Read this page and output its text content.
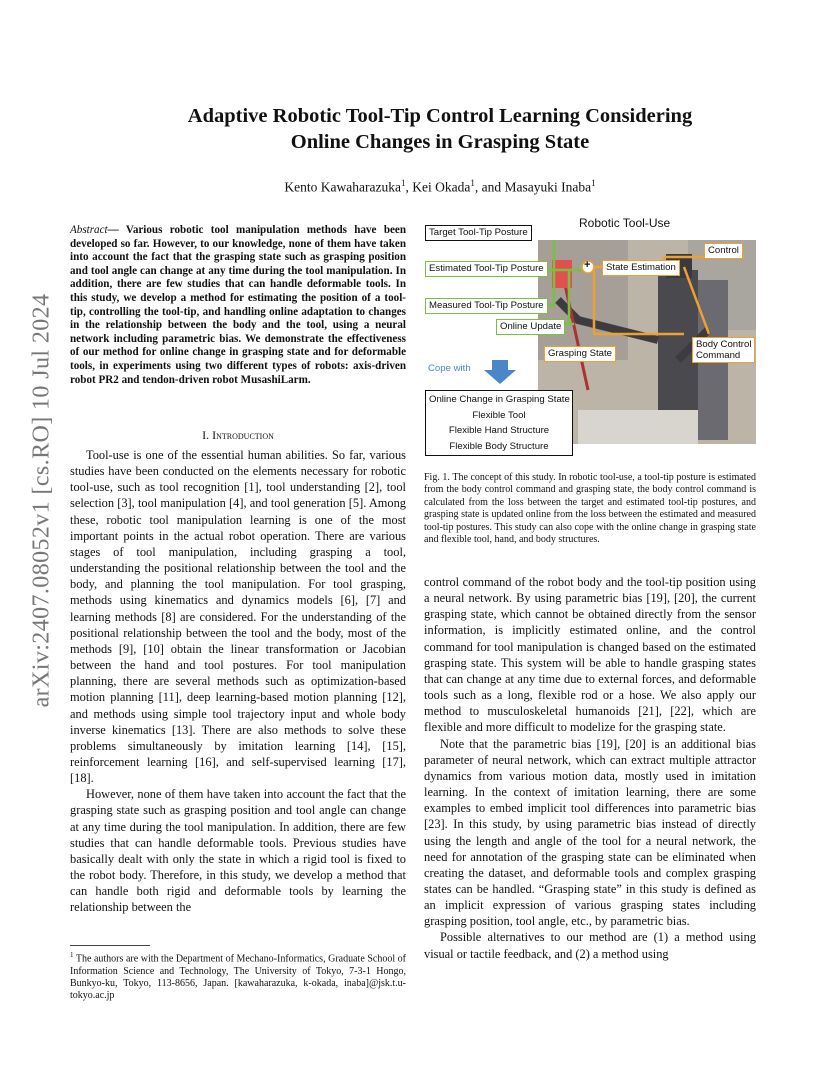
arXiv:2407.08052v1 [cs.RO] 10 Jul 2024
Adaptive Robotic Tool-Tip Control Learning Considering
Online Changes in Grasping State
Kento Kawaharazuka$^1$, Kei Okada$^1$, and Masayuki Inaba$^1$

Abstract— Various robotic tool manipulation methods have been developed so far. However, to our knowledge, none of them have taken into account the fact that the grasping state such as grasping position and tool angle can change at any time during the tool manipulation. In addition, there are few studies that can handle deformable tools. In this study, we develop a method for estimating the position of a tool-tip, controlling the tool-tip, and handling online adaptation to changes in the relationship between the body and the tool, using a neural network including parametric bias. We demonstrate the effectiveness of our method for online change in grasping state and for deformable tools, in experiments using two different types of robots: axis-driven robot PR2 and tendon-driven robot MusashiLarm.

I. Introduction

Tool-use is one of the essential human abilities. So far, various studies have been conducted on the elements necessary for robotic tool-use, such as tool recognition [1], tool understanding [2], tool selection [3], tool manipulation [4], and tool generation [5]. Among these, robotic tool manipulation learning is one of the most important points in the actual robot operation. There are various stages of tool manipulation, including grasping a tool, understanding the positional relationship between the tool and the body, and planning the tool manipulation. For tool grasping, methods using kinematics and dynamics models [6], [7] and learning methods [8] are considered. For the understanding of the positional relationship between the tool and the body, most of the methods [9], [10] obtain the linear transformation or Jacobian between the hand and tool postures. For tool manipulation planning, there are several methods such as optimization-based motion planning [11], deep learning-based motion planning [12], and methods using simple tool trajectory input and whole body inverse kinematics [13]. There are also methods to solve these problems simultaneously by imitation learning [14], [15], reinforcement learning [16], and self-supervised learning [17], [18].

However, none of them have taken into account the fact that the grasping state such as grasping position and tool angle can change at any time during the tool manipulation. In addition, there are few studies that can handle deformable tools. Previous studies have basically dealt with only the state in which a rigid tool is fixed to the robot body. Therefore, in this study, we develop a method that can handle both rigid and deformable tools by learning the relationship between the

$^1$ The authors are with the Department of Mechano-Informatics, Graduate School of Information Science and Technology, The University of Tokyo, 7-3-1 Hongo, Bunkyo-ku, Tokyo, 113-8656, Japan. [kawaharazuka, k-okada, inaba]@jsk.t.u-tokyo.ac.jp
Robotic Tool-Use
+
Target Tool-Tip Posture
Estimated Tool-Tip Posture
Measured Tool-Tip Posture
Online Update
Grasping State
Control
State Estimation
Body Control
Command
Cope with
Online Change in Grasping State
Flexible Tool
Flexible Hand Structure
Flexible Body Structure
Fig. 1. The concept of this study. In robotic tool-use, a tool-tip posture is estimated from the body control command and grasping state, the body control command is calculated from the loss between the target and estimated tool-tip postures, and grasping state is updated online from the loss between the estimated and measured tool-tip postures. This study can also cope with the online change in grasping state and flexible tool, hand, and body structures.

control command of the robot body and the tool-tip position using a neural network. By using parametric bias [19], [20], the current grasping state, which cannot be obtained directly from the sensor information, is implicitly estimated online, and the control command for tool manipulation is changed based on the estimated grasping state. This system will be able to handle grasping states that can change at any time due to external forces, and deformable tools such as a long, flexible rod or a hose. We also apply our method to musculoskeletal humanoids [21], [22], which are flexible and more difficult to modelize for the grasping state.

Note that the parametric bias [19], [20] is an additional bias parameter of neural network, which can extract multiple attractor dynamics from various motion data, mostly used in imitation learning. In the context of imitation learning, there are some examples to embed implicit tool differences into parametric bias [23]. In this study, by using parametric bias instead of directly using the length and angle of the tool for a neural network, the need for annotation of the grasping state can be eliminated when creating the dataset, and deformable tools and complex grasping states can be handled. “Grasping state” in this study is defined as an implicit expression of various grasping states including grasping position, tool angle, etc., by parametric bias.

Possible alternatives to our method are (1) a method using visual or tactile feedback, and (2) a method using
